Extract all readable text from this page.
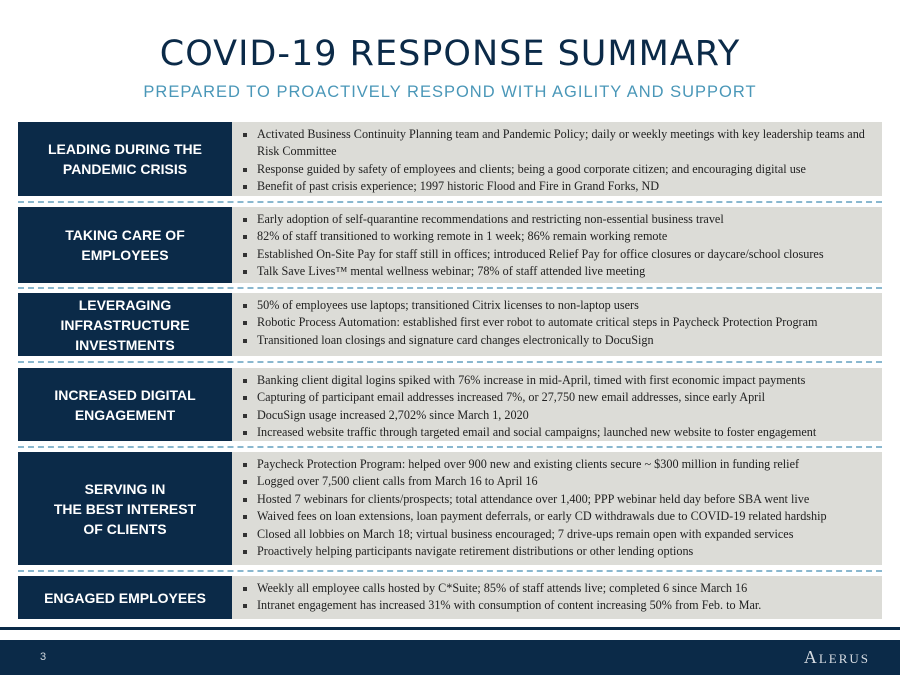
COVID-19 RESPONSE SUMMARY
PREPARED TO PROACTIVELY RESPOND WITH AGILITY AND SUPPORT
LEADING DURING THE
PANDEMIC CRISIS
Activated Business Continuity Planning team and Pandemic Policy; daily or weekly meetings with key leadership teams and Risk Committee
Response guided by safety of employees and clients; being a good corporate citizen; and encouraging digital use
Benefit of past crisis experience; 1997 historic Flood and Fire in Grand Forks, ND
TAKING CARE OF
EMPLOYEES
Early adoption of self-quarantine recommendations and restricting non-essential business travel
82% of staff transitioned to working remote in 1 week; 86% remain working remote
Established On-Site Pay for staff still in offices; introduced Relief Pay for office closures or daycare/school closures
Talk Save Lives™ mental wellness webinar; 78% of staff attended live meeting
LEVERAGING
INFRASTRUCTURE
INVESTMENTS
50% of employees use laptops; transitioned Citrix licenses to non-laptop users
Robotic Process Automation: established first ever robot to automate critical steps in Paycheck Protection Program
Transitioned loan closings and signature card changes electronically to DocuSign
INCREASED DIGITAL
ENGAGEMENT
Banking client digital logins spiked with 76% increase in mid-April, timed with first economic impact payments
Capturing of participant email addresses increased 7%, or 27,750 new email addresses, since early April
DocuSign usage increased 2,702% since March 1, 2020
Increased website traffic through targeted email and social campaigns; launched new website to foster engagement
SERVING IN
THE BEST INTEREST
OF CLIENTS
Paycheck Protection Program: helped over 900 new and existing clients secure ~ $300 million in funding relief
Logged over 7,500 client calls from March 16 to April 16
Hosted 7 webinars for clients/prospects; total attendance over 1,400; PPP webinar held day before SBA went live
Waived fees on loan extensions, loan payment deferrals, or early CD withdrawals due to COVID-19 related hardship
Closed all lobbies on March 18; virtual business encouraged; 7 drive-ups remain open with expanded services
Proactively helping participants navigate retirement distributions or other lending options
ENGAGED EMPLOYEES
Weekly all employee calls hosted by C*Suite; 85% of staff attends live; completed 6 since March 16
Intranet engagement has increased 31% with consumption of content increasing 50% from Feb. to Mar.
3	Alerus
